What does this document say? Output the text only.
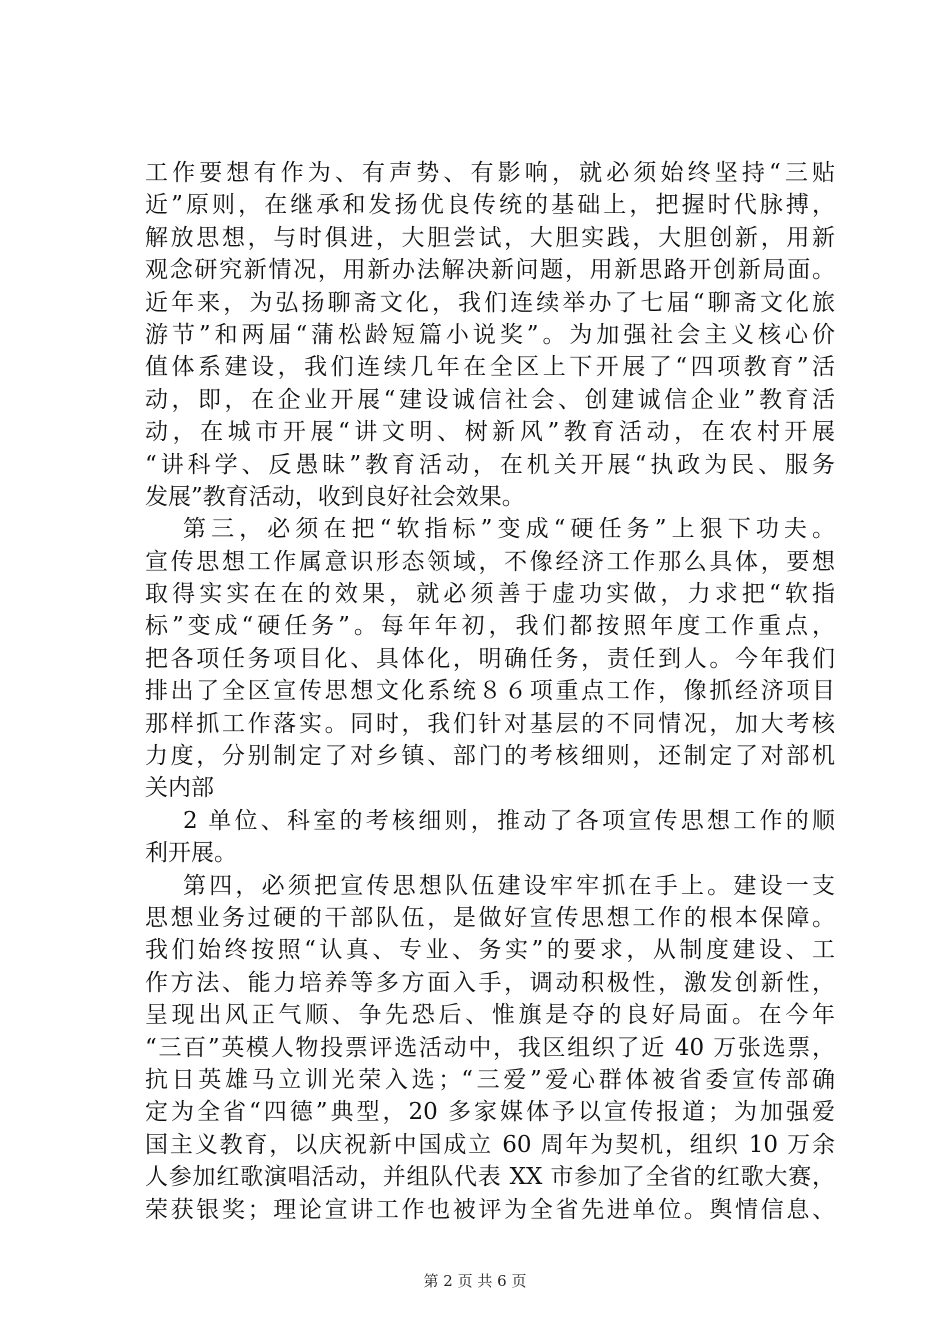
工作要想有作为、有声势、有影响，就必须始终坚持“三贴
近”原则，在继承和发扬优良传统的基础上，把握时代脉搏，
解放思想，与时俱进，大胆尝试，大胆实践，大胆创新，用新
观念研究新情况，用新办法解决新问题，用新思路开创新局面。
近年来，为弘扬聊斋文化，我们连续举办了七届“聊斋文化旅
游节”和两届“蒲松龄短篇小说奖”。为加强社会主义核心价
值体系建设，我们连续几年在全区上下开展了“四项教育”活
动，即，在企业开展“建设诚信社会、创建诚信企业”教育活
动，在城市开展“讲文明、树新风”教育活动，在农村开展
“讲科学、反愚昧”教育活动，在机关开展“执政为民、服务
发展”教育活动，收到良好社会效果。
第三，必须在把“软指标”变成“硬任务”上狠下功夫。
宣传思想工作属意识形态领域，不像经济工作那么具体，要想
取得实实在在的效果，就必须善于虚功实做，力求把“软指
标”变成“硬任务”。每年年初，我们都按照年度工作重点，
把各项任务项目化、具体化，明确任务，责任到人。今年我们
排出了全区宣传思想文化系统８６项重点工作，像抓经济项目
那样抓工作落实。同时，我们针对基层的不同情况，加大考核
力度，分别制定了对乡镇、部门的考核细则，还制定了对部机
关内部
2 单位、科室的考核细则，推动了各项宣传思想工作的顺
利开展。
第四，必须把宣传思想队伍建设牢牢抓在手上。建设一支
思想业务过硬的干部队伍，是做好宣传思想工作的根本保障。
我们始终按照“认真、专业、务实”的要求，从制度建设、工
作方法、能力培养等多方面入手，调动积极性，激发创新性，
呈现出风正气顺、争先恐后、惟旗是夺的良好局面。在今年
“三百”英模人物投票评选活动中，我区组织了近 40 万张选票，
抗日英雄马立训光荣入选；“三爱”爱心群体被省委宣传部确
定为全省“四德”典型，20 多家媒体予以宣传报道；为加强爱
国主义教育，以庆祝新中国成立 60 周年为契机，组织 10 万余
人参加红歌演唱活动，并组队代表 XX 市参加了全省的红歌大赛，
荣获银奖；理论宣讲工作也被评为全省先进单位。舆情信息、
第 2 页 共 6 页
